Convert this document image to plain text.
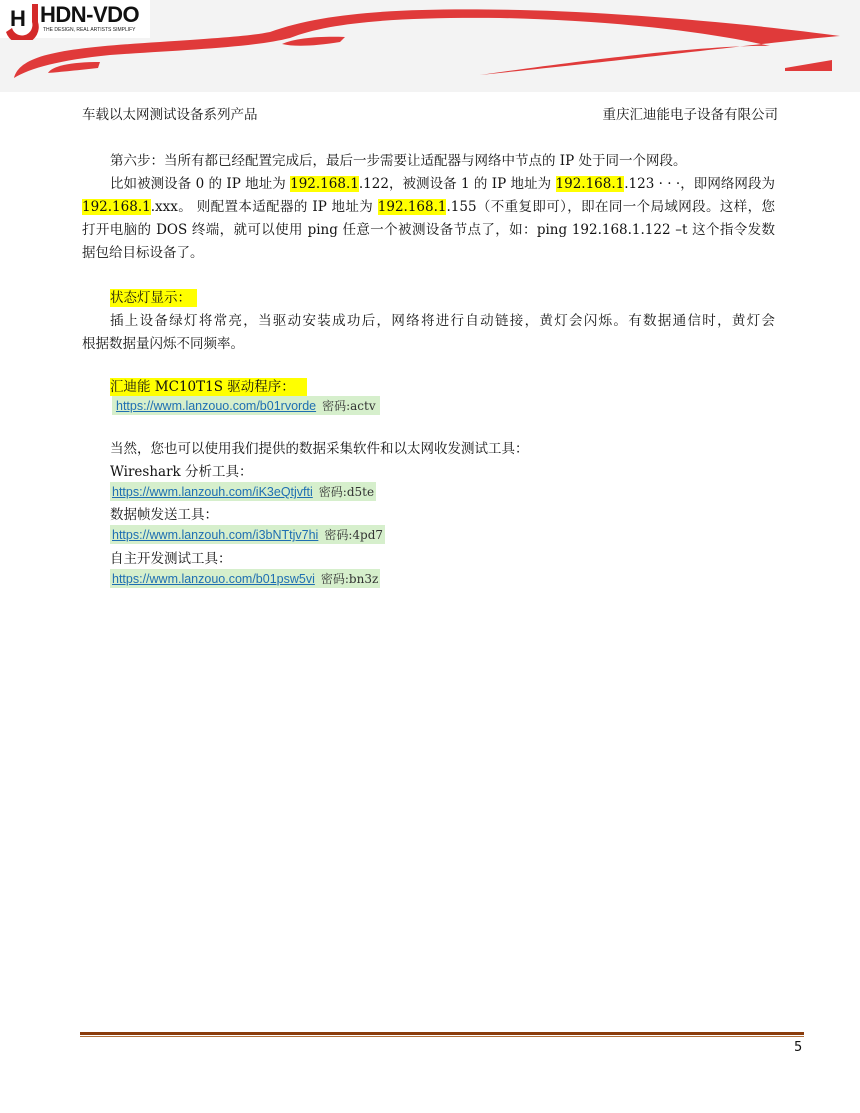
H HDN-VDO
THE DESIGN, REAL ARTISTS SIMPLIFY
车载以太网测试设备系列产品	重庆汇迪能电子设备有限公司
第六步：当所有都已经配置完成后，最后一步需要让适配器与网络中节点的 IP 处于同一个网段。
比如被测设备 0 的 IP 地址为 192.168.1.122，被测设备 1 的 IP 地址为 192.168.1.123 · · ·，即网络网段为
192.168.1.xxx。 则配置本适配器的 IP 地址为 192.168.1.155（不重复即可），即在同一个局域网段。这样，您
打开电脑的 DOS 终端，就可以使用 ping 任意一个被测设备节点了，如：ping 192.168.1.122 –t 这个指令发数
据包给目标设备了。
状态灯显示：
插上设备绿灯将常亮，当驱动安装成功后，网络将进行自动链接，黄灯会闪烁。有数据通信时，黄灯会
根据数据量闪烁不同频率。
汇迪能 MC10T1S 驱动程序：
https://wwm.lanzouo.com/b01rvorde 密码:actv
当然，您也可以使用我们提供的数据采集软件和以太网收发测试工具：
Wireshark 分析工具：
https://wwm.lanzouh.com/iK3eQtjvfti 密码:d5te
数据帧发送工具：
https://wwm.lanzouh.com/i3bNTtjv7hi 密码:4pd7
自主开发测试工具：
https://wwm.lanzouo.com/b01psw5vi 密码:bn3z
5
